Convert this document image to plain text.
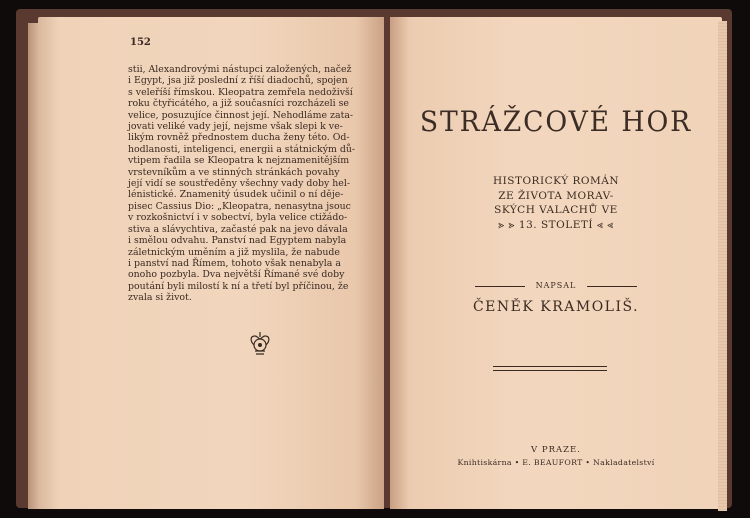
152
stii, Alexandrovými nástupci založených, načež
i Egypt, jsa již poslední z říší diadochů, spojen
s veleříší římskou. Kleopatra zemřela nedoživší
roku čtyřicátého, a již současníci rozcházeli se
velice, posuzujíce činnost její. Nehodláme zata-
jovati veliké vady její, nejsme však slepi k ve-
likým rovněž přednostem ducha ženy této. Od-
hodlanosti, inteligenci, energii a státnickým dů-
vtipem řadila se Kleopatra k nejznamenitějším
vrstevníkům a ve stinných stránkách povahy
její vidí se soustředěny všechny vady doby hel-
lénistické. Znamenitý úsudek učinil o ní děje-
pisec Cassius Dio: „Kleopatra, nenasytna jsouc
v rozkošnictví i v sobectví, byla velice ctižádo-
stiva a slávychtiva, začasté pak na jevo dávala
i smělou odvahu. Panství nad Egyptem nabyla
záletnickým uměním a již myslila, že nabude
i panství nad Římem, tohoto však nenabyla a
onoho pozbyla. Dva největší Římané své doby
poutání byli milostí k ní a třetí byl příčinou, že
zvala si život.
STRÁŽCOVÉ HOR
HISTORICKÝ ROMÁN
ZE ŽIVOTA MORAV-
SKÝCH VALACHŮ VE
⪢ ⪢ 13. STOLETÍ ⪡ ⪡
NAPSAL
ČENĚK KRAMOLIŠ.
V PRAZE.
Knihtiskárna • E. BEAUFORT • Nakladatelství
